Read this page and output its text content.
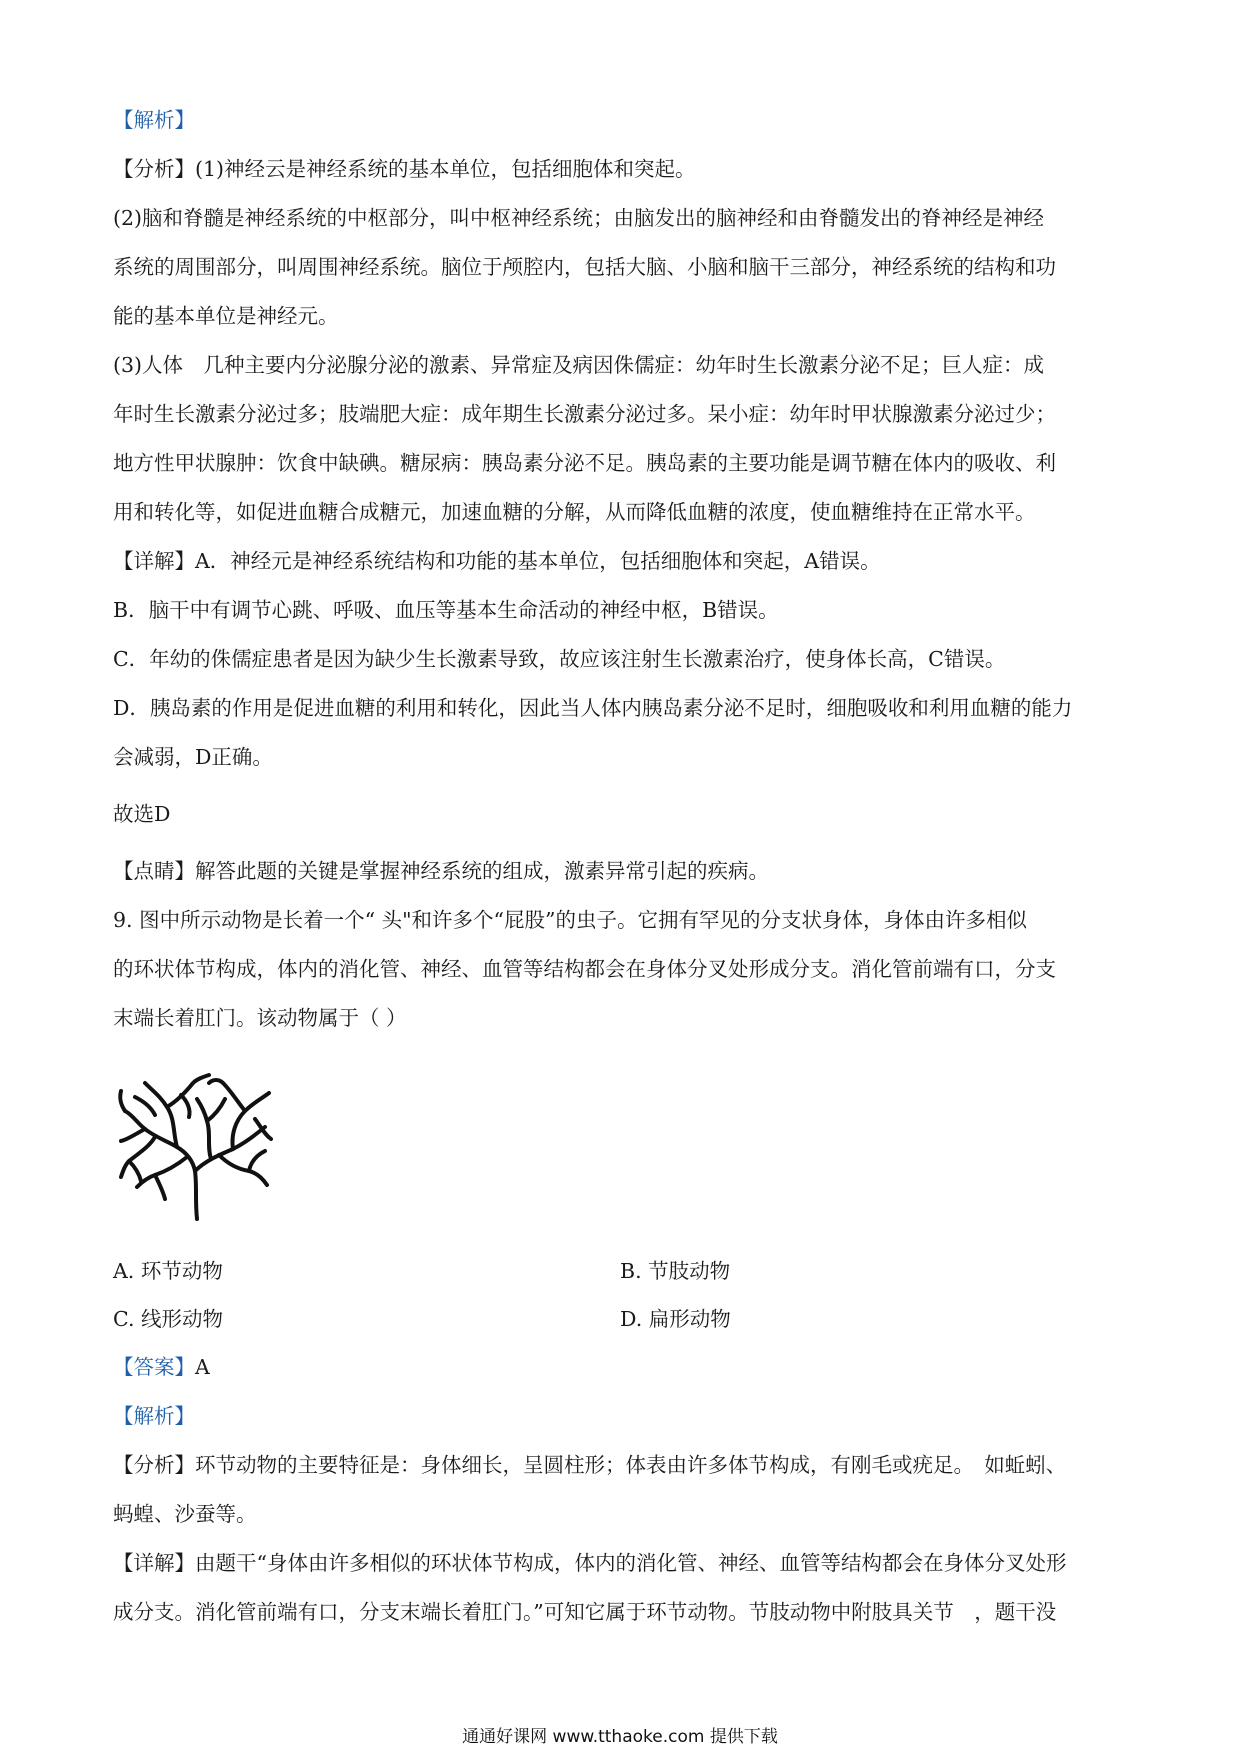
【解析】

【分析】(1)神经云是神经系统的基本单位，包括细胞体和突起。

(2)脑和脊髓是神经系统的中枢部分，叫中枢神经系统；由脑发出的脑神经和由脊髓发出的脊神经是神经

系统的周围部分，叫周围神经系统。脑位于颅腔内，包括大脑、小脑和脑干三部分，神经系统的结构和功

能的基本单位是神经元。

(3)人体　几种主要内分泌腺分泌的激素、异常症及病因侏儒症：幼年时生长激素分泌不足；巨人症：成

年时生长激素分泌过多；肢端肥大症：成年期生长激素分泌过多。呆小症：幼年时甲状腺激素分泌过少；

地方性甲状腺肿：饮食中缺碘。糖尿病：胰岛素分泌不足。胰岛素的主要功能是调节糖在体内的吸收、利

用和转化等，如促进血糖合成糖元，加速血糖的分解，从而降低血糖的浓度，使血糖维持在正常水平。

【详解】A．神经元是神经系统结构和功能的基本单位，包括细胞体和突起，A错误。

B．脑干中有调节心跳、呼吸、血压等基本生命活动的神经中枢，B错误。

C．年幼的侏儒症患者是因为缺少生长激素导致，故应该注射生长激素治疗，使身体长高，C错误。

D．胰岛素的作用是促进血糖的利用和转化，因此当人体内胰岛素分泌不足时，细胞吸收和利用血糖的能力

会减弱，D正确。

故选D

【点睛】解答此题的关键是掌握神经系统的组成，激素异常引起的疾病。

9. 图中所示动物是长着一个“ 头"和许多个“屁股”的虫子。它拥有罕见的分支状身体，身体由许多相似

的环状体节构成，体内的消化管、神经、血管等结构都会在身体分叉处形成分支。消化管前端有口，分支

末端长着肛门。该动物属于（ ）

A. 环节动物	B. 节肢动物
C. 线形动物	D. 扁形动物

【答案】A

【解析】

【分析】环节动物的主要特征是：身体细长，呈圆柱形；体表由许多体节构成，有刚毛或疣足。　如蚯蚓、

蚂蝗、沙蚕等。

【详解】由题干“身体由许多相似的环状体节构成，体内的消化管、神经、血管等结构都会在身体分叉处形

成分支。消化管前端有口，分支末端长着肛门。”可知它属于环节动物。节肢动物中附肢具关节　，题干没

通通好课网 www.tthaoke.com 提供下载
